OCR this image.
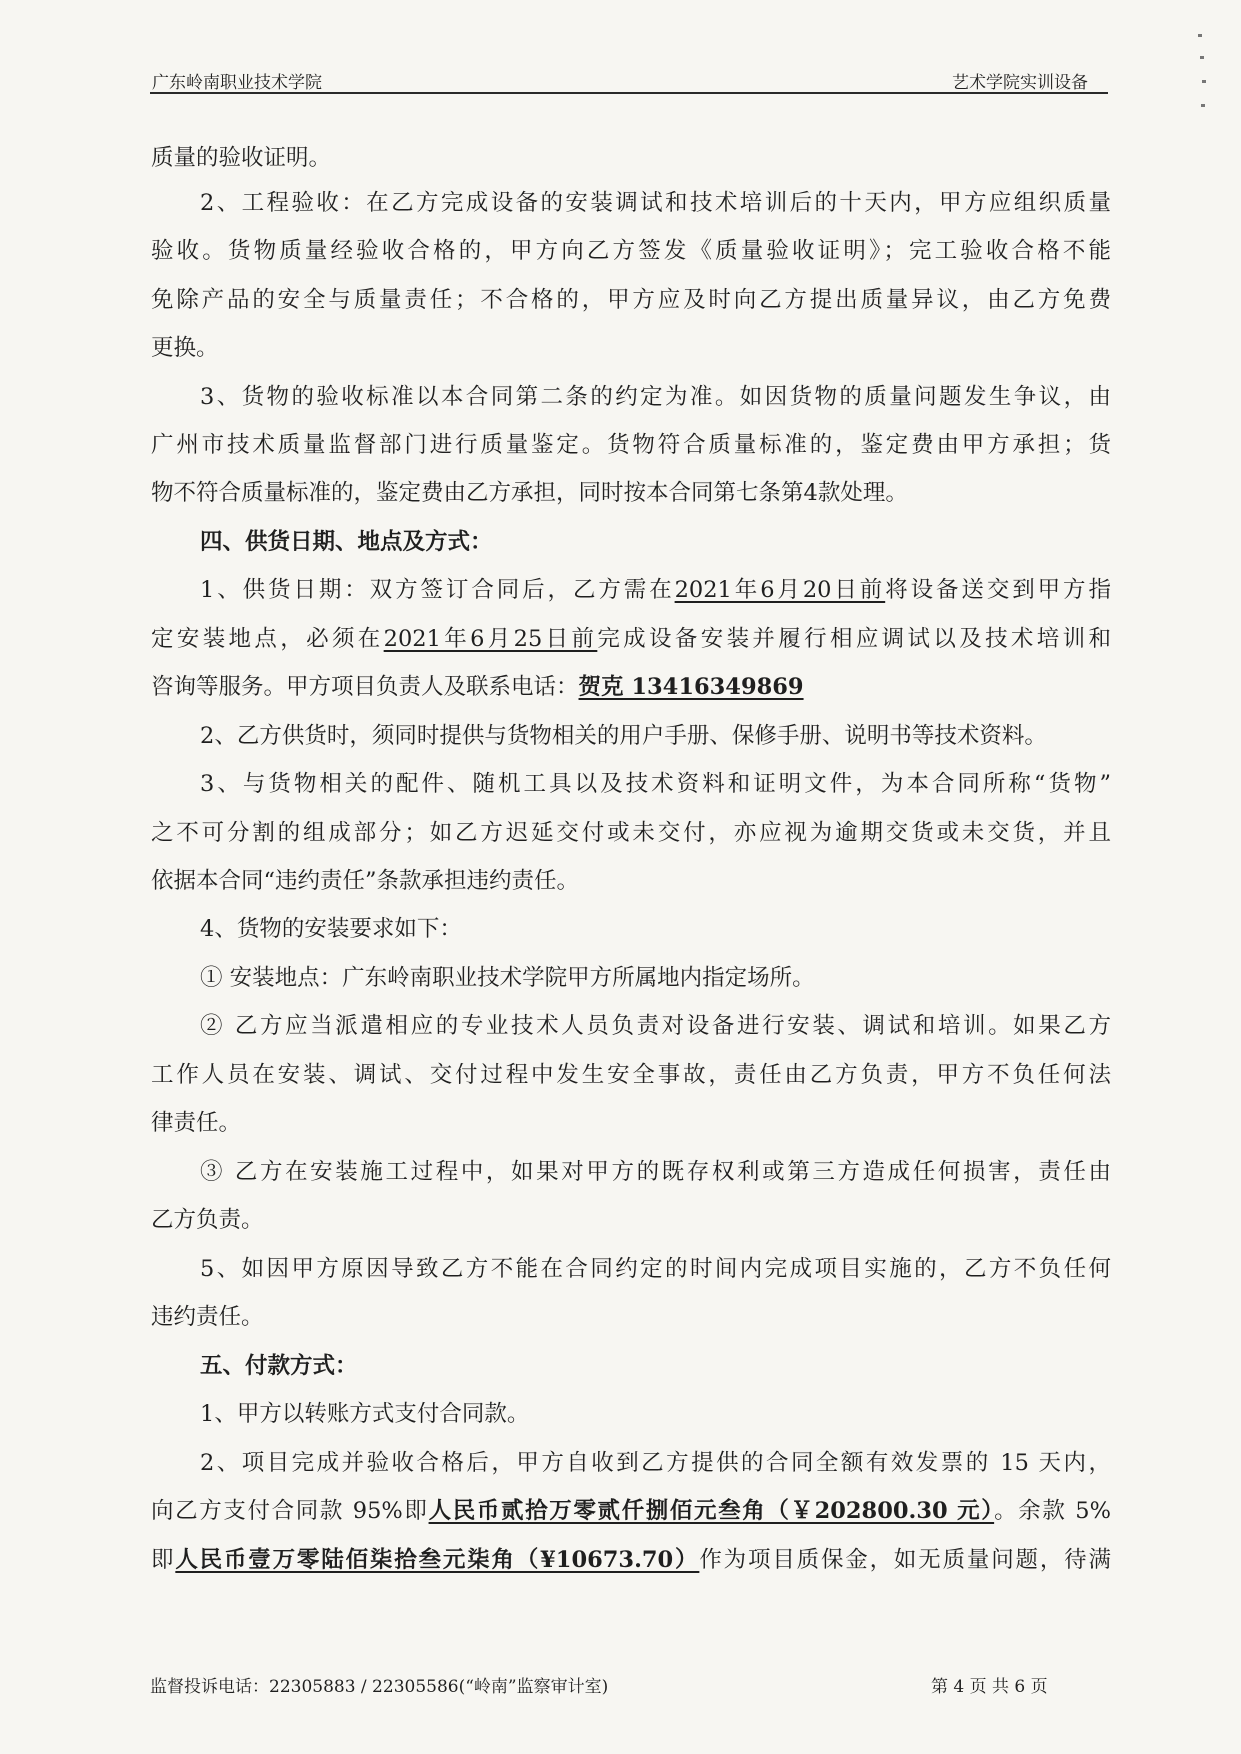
广东岭南职业技术学院	艺术学院实训设备
质量的验收证明。
2、工程验收：在乙方完成设备的安装调试和技术培训后的十天内，甲方应组织质量
验收。货物质量经验收合格的，甲方向乙方签发《质量验收证明》；完工验收合格不能
免除产品的安全与质量责任；不合格的，甲方应及时向乙方提出质量异议，由乙方免费
更换。
3、货物的验收标准以本合同第二条的约定为准。如因货物的质量问题发生争议，由
广州市技术质量监督部门进行质量鉴定。货物符合质量标准的，鉴定费由甲方承担；货
物不符合质量标准的，鉴定费由乙方承担，同时按本合同第七条第4款处理。
四、供货日期、地点及方式：
1、供货日期：双方签订合同后，乙方需在2021年6月20日前将设备送交到甲方指
定安装地点，必须在2021年6月25日前完成设备安装并履行相应调试以及技术培训和
咨询等服务。甲方项目负责人及联系电话：贺克 13416349869
2、乙方供货时，须同时提供与货物相关的用户手册、保修手册、说明书等技术资料。
3、与货物相关的配件、随机工具以及技术资料和证明文件，为本合同所称“货物”
之不可分割的组成部分；如乙方迟延交付或未交付，亦应视为逾期交货或未交货，并且
依据本合同“违约责任”条款承担违约责任。
4、货物的安装要求如下：
① 安装地点：广东岭南职业技术学院甲方所属地内指定场所。
② 乙方应当派遣相应的专业技术人员负责对设备进行安装、调试和培训。如果乙方
工作人员在安装、调试、交付过程中发生安全事故，责任由乙方负责，甲方不负任何法
律责任。
③ 乙方在安装施工过程中，如果对甲方的既存权利或第三方造成任何损害，责任由
乙方负责。
5、如因甲方原因导致乙方不能在合同约定的时间内完成项目实施的，乙方不负任何
违约责任。
五、付款方式：
1、甲方以转账方式支付合同款。
2、项目完成并验收合格后，甲方自收到乙方提供的合同全额有效发票的 15 天内，
向乙方支付合同款 95%即人民币贰拾万零贰仟捌佰元叁角（￥202800.30 元）。余款 5%
即人民币壹万零陆佰柒拾叁元柒角（¥10673.70）作为项目质保金，如无质量问题，待满
监督投诉电话：22305883 / 22305586(“岭南”监察审计室)	第 4 页 共 6 页
